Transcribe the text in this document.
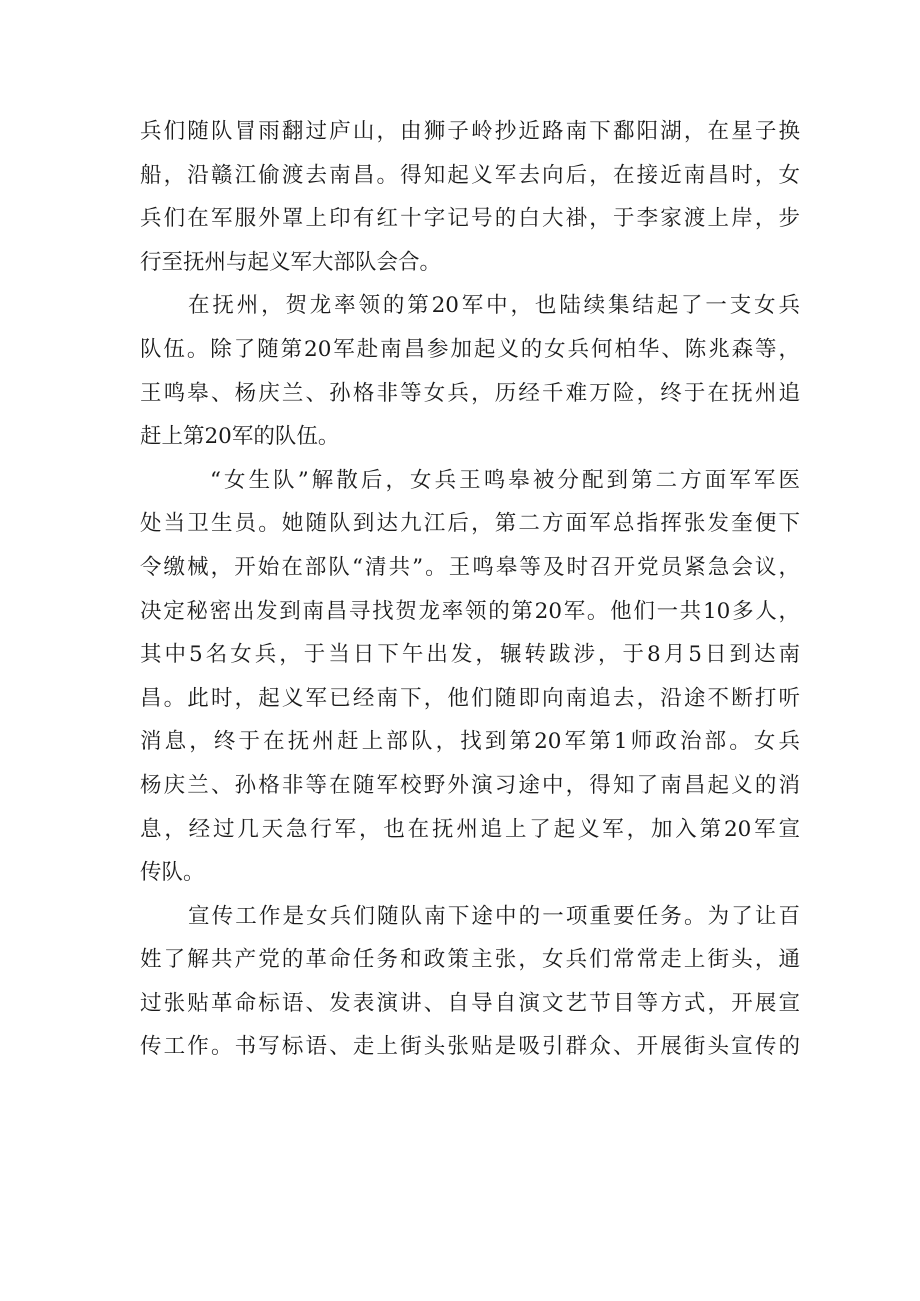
兵们随队冒雨翻过庐山，由狮子岭抄近路南下鄱阳湖，在星子换
船，沿赣江偷渡去南昌。得知起义军去向后，在接近南昌时，女
兵们在军服外罩上印有红十字记号的白大褂，于李家渡上岸，步
行至抚州与起义军大部队会合。
在抚州，贺龙率领的第20军中，也陆续集结起了一支女兵
队伍。除了随第20军赴南昌参加起义的女兵何柏华、陈兆森等，
王鸣皋、杨庆兰、孙格非等女兵，历经千难万险，终于在抚州追
赶上第20军的队伍。
“女生队”解散后，女兵王鸣皋被分配到第二方面军军医
处当卫生员。她随队到达九江后，第二方面军总指挥张发奎便下
令缴械，开始在部队“清共”。王鸣皋等及时召开党员紧急会议，
决定秘密出发到南昌寻找贺龙率领的第20军。他们一共10多人，
其中5名女兵，于当日下午出发，辗转跋涉，于8月5日到达南
昌。此时，起义军已经南下，他们随即向南追去，沿途不断打听
消息，终于在抚州赶上部队，找到第20军第1师政治部。女兵
杨庆兰、孙格非等在随军校野外演习途中，得知了南昌起义的消
息，经过几天急行军，也在抚州追上了起义军，加入第20军宣
传队。
宣传工作是女兵们随队南下途中的一项重要任务。为了让百
姓了解共产党的革命任务和政策主张，女兵们常常走上街头，通
过张贴革命标语、发表演讲、自导自演文艺节目等方式，开展宣
传工作。书写标语、走上街头张贴是吸引群众、开展街头宣传的
